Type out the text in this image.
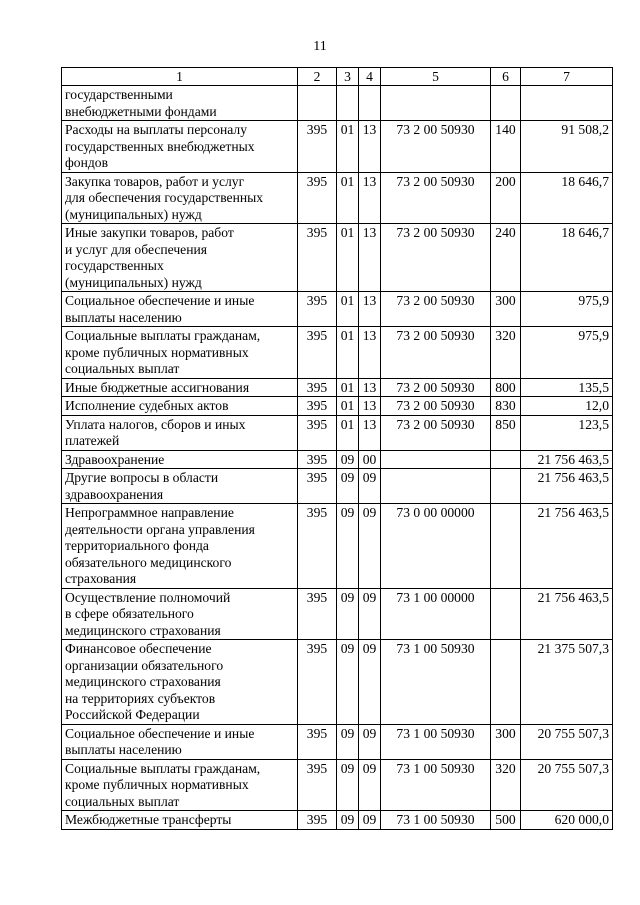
11
1	2	3	4	5	6	7

государственными
внебюджетными фондами						

Расходы на выплаты персоналу
государственных внебюджетных
фондов	395	01	13	73 2 00 50930	140	91 508,2

Закупка товаров, работ и услуг
для обеспечения государственных
(муниципальных) нужд	395	01	13	73 2 00 50930	200	18 646,7

Иные закупки товаров, работ
и услуг для обеспечения
государственных
(муниципальных) нужд	395	01	13	73 2 00 50930	240	18 646,7

Социальное обеспечение и иные
выплаты населению	395	01	13	73 2 00 50930	300	975,9

Социальные выплаты гражданам,
кроме публичных нормативных
социальных выплат	395	01	13	73 2 00 50930	320	975,9

Иные бюджетные ассигнования	395	01	13	73 2 00 50930	800	135,5

Исполнение судебных актов	395	01	13	73 2 00 50930	830	12,0

Уплата налогов, сборов и иных
платежей	395	01	13	73 2 00 50930	850	123,5

Здравоохранение	395	09	00			21 756 463,5

Другие вопросы в области
здравоохранения	395	09	09			21 756 463,5

Непрограммное направление
деятельности органа управления
территориального фонда
обязательного медицинского
страхования	395	09	09	73 0 00 00000		21 756 463,5

Осуществление полномочий
в сфере обязательного
медицинского страхования	395	09	09	73 1 00 00000		21 756 463,5

Финансовое обеспечение
организации обязательного
медицинского страхования
на территориях субъектов
Российской Федерации	395	09	09	73 1 00 50930		21 375 507,3

Социальное обеспечение и иные
выплаты населению	395	09	09	73 1 00 50930	300	20 755 507,3

Социальные выплаты гражданам,
кроме публичных нормативных
социальных выплат	395	09	09	73 1 00 50930	320	20 755 507,3

Межбюджетные трансферты	395	09	09	73 1 00 50930	500	620 000,0
